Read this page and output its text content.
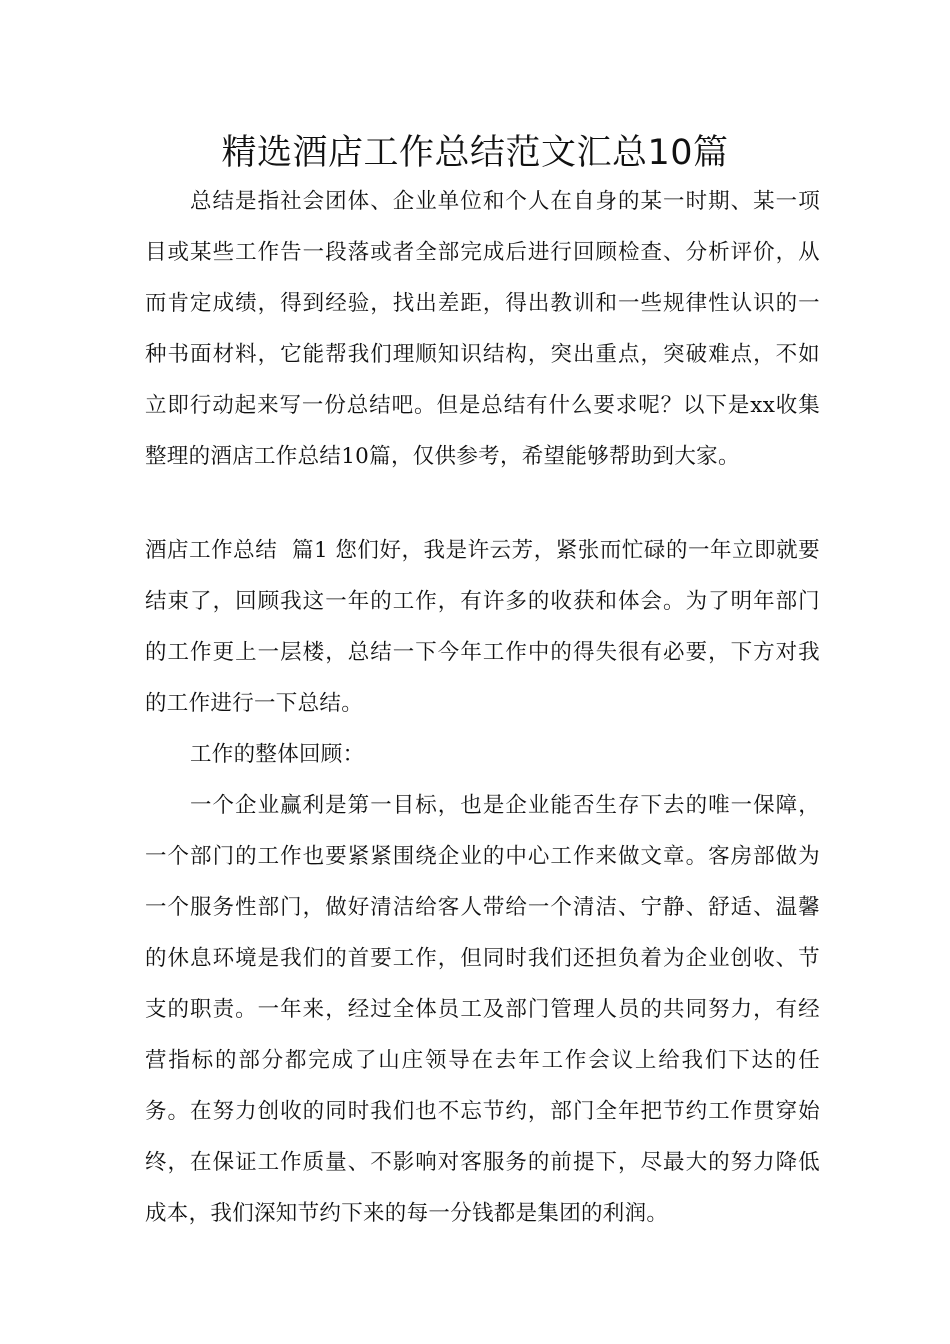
精选酒店工作总结范文汇总10篇

总结是指社会团体、企业单位和个人在自身的某一时期、某一项目或某些工作告一段落或者全部完成后进行回顾检查、分析评价，从而肯定成绩，得到经验，找出差距，得出教训和一些规律性认识的一种书面材料，它能帮我们理顺知识结构，突出重点，突破难点，不如立即行动起来写一份总结吧。但是总结有什么要求呢？以下是xx收集整理的酒店工作总结10篇，仅供参考，希望能够帮助到大家。

酒店工作总结  篇1 您们好，我是许云芳，紧张而忙碌的一年立即就要结束了，回顾我这一年的工作，有许多的收获和体会。为了明年部门的工作更上一层楼，总结一下今年工作中的得失很有必要，下方对我的工作进行一下总结。

工作的整体回顾：

一个企业赢利是第一目标，也是企业能否生存下去的唯一保障，一个部门的工作也要紧紧围绕企业的中心工作来做文章。客房部做为一个服务性部门，做好清洁给客人带给一个清洁、宁静、舒适、温馨的休息环境是我们的首要工作，但同时我们还担负着为企业创收、节支的职责。一年来，经过全体员工及部门管理人员的共同努力，有经营指标的部分都完成了山庄领导在去年工作会议上给我们下达的任务。在努力创收的同时我们也不忘节约，部门全年把节约工作贯穿始终，在保证工作质量、不影响对客服务的前提下，尽最大的努力降低成本，我们深知节约下来的每一分钱都是集团的利润。
